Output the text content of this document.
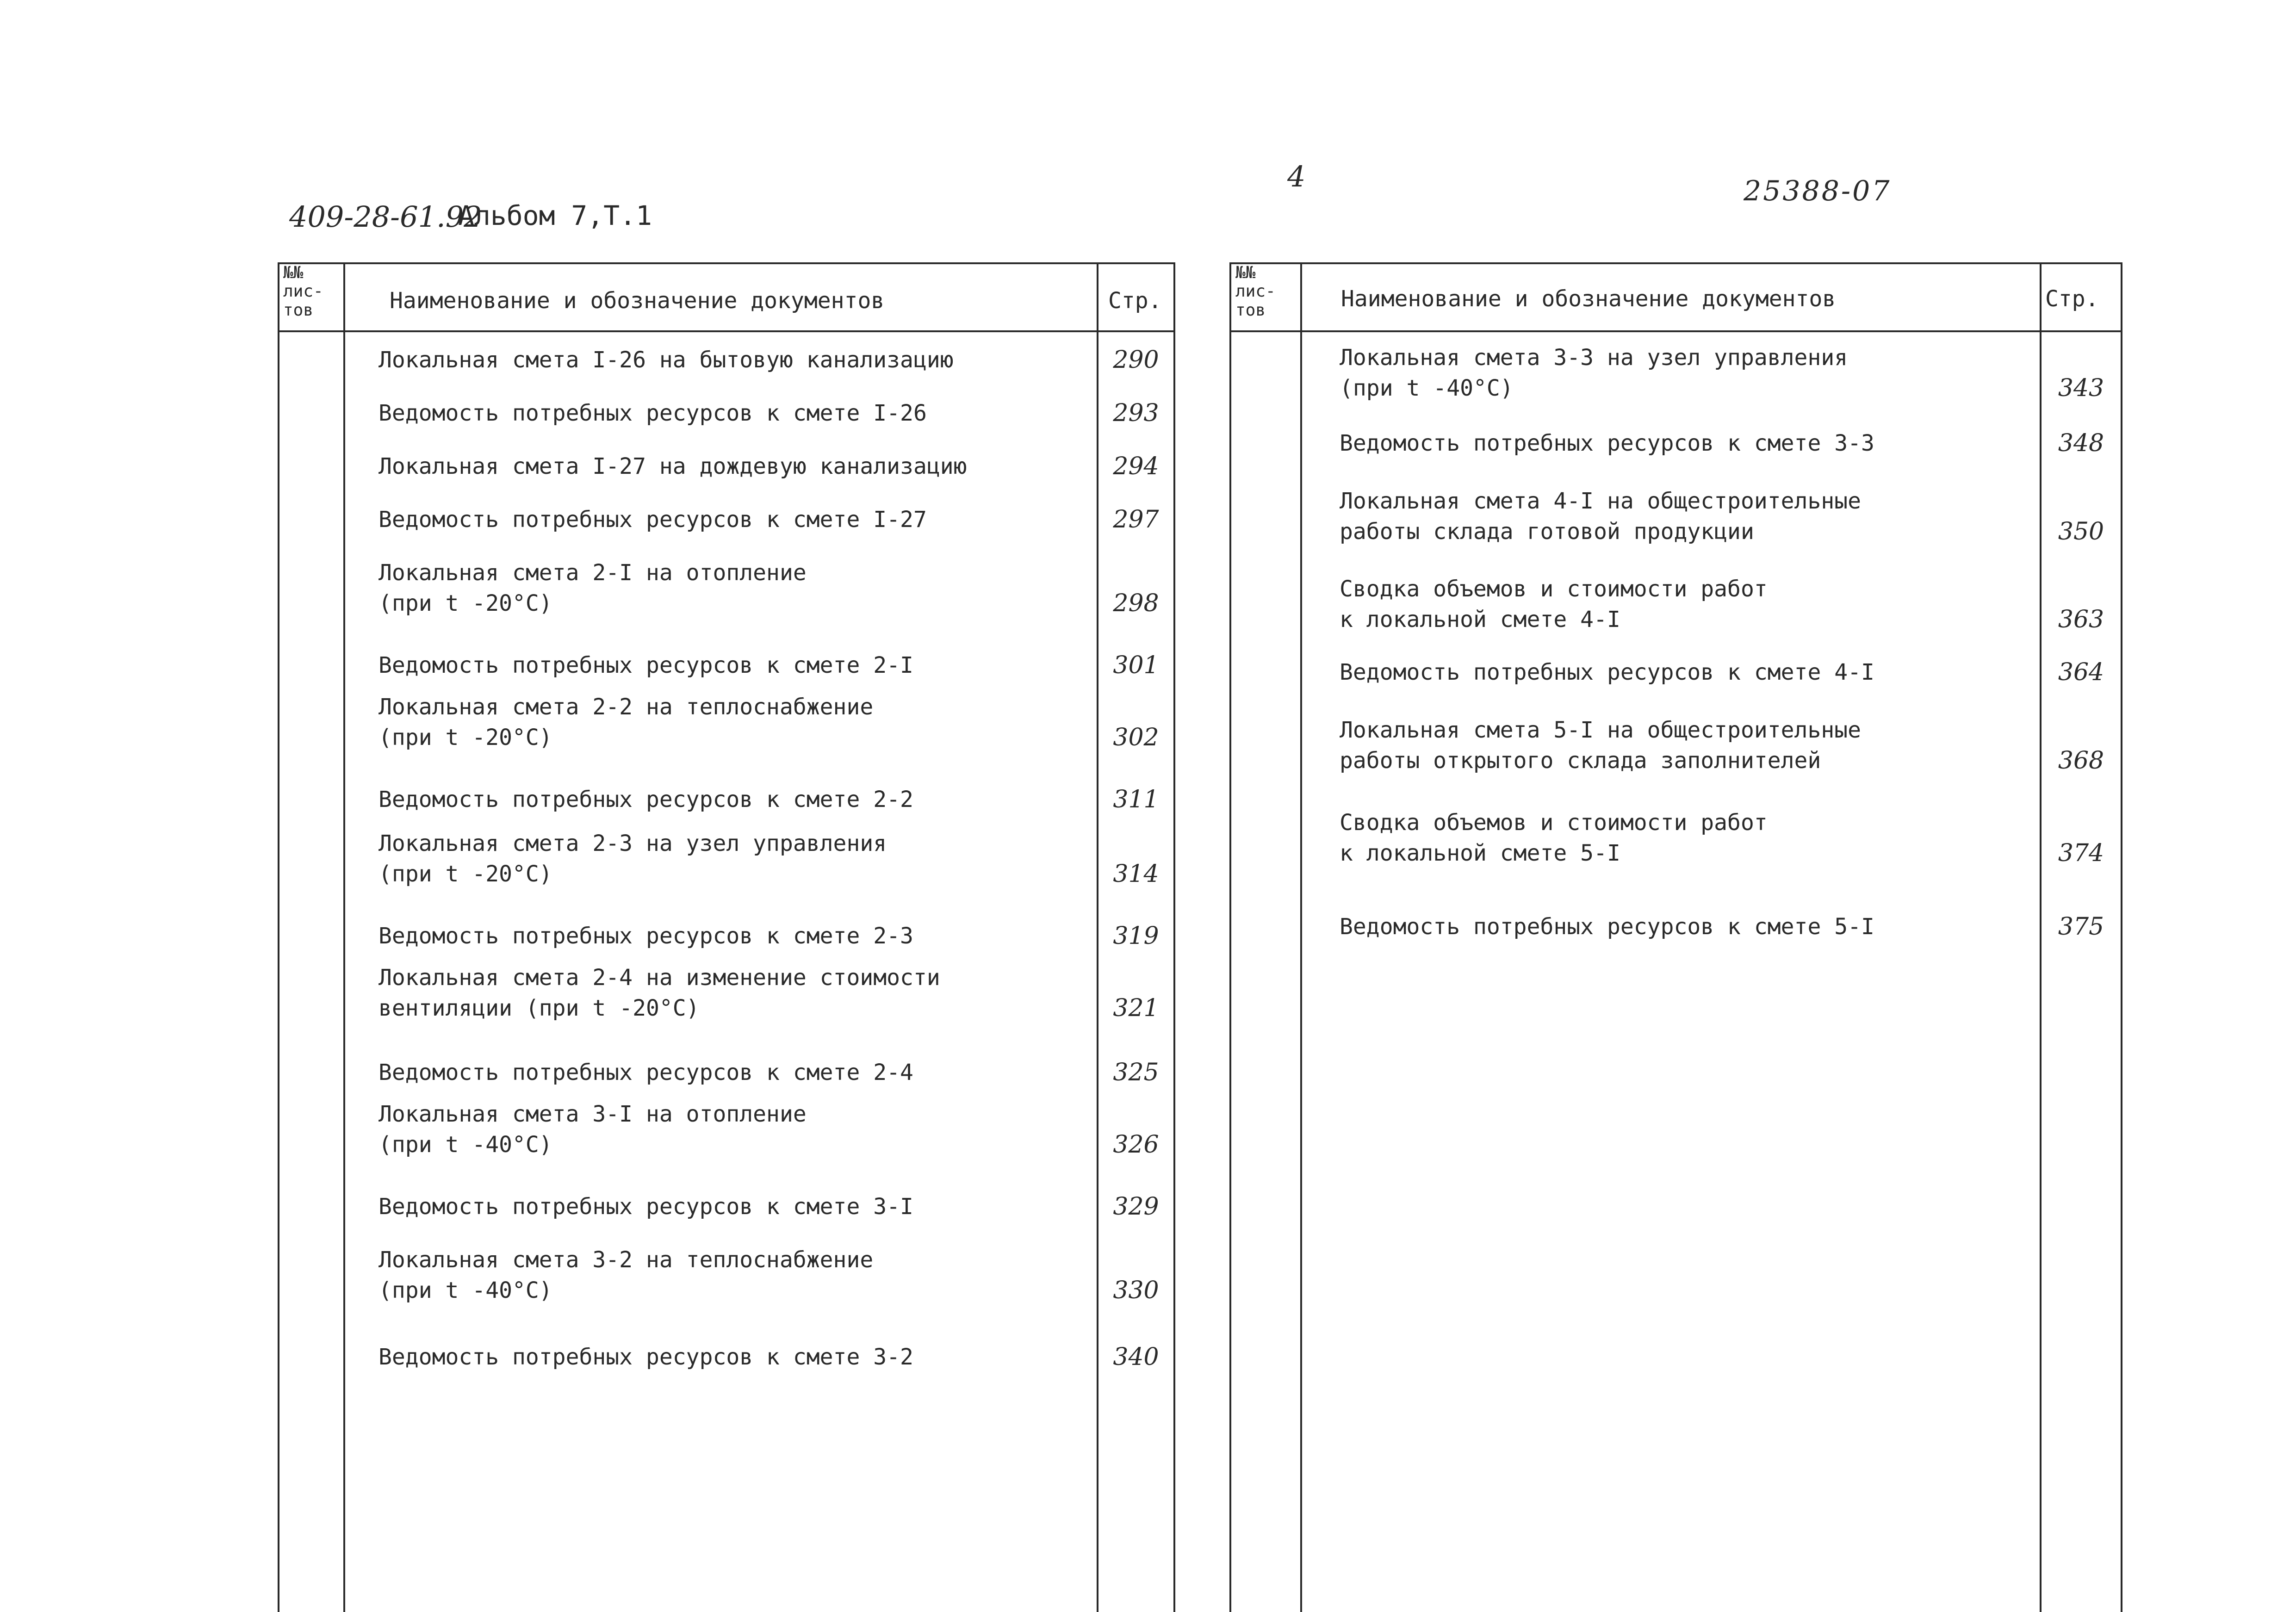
409-28-61.92
Альбом 7,Т.1
4	25388-07
№№
лис-
тов	Наименование и обозначение документов	Стр.
Локальная смета I-26 на бытовую канализацию	290
Ведомость потребных ресурсов к смете I-26	293
Локальная смета I-27 на дождевую канализацию	294
Ведомость потребных ресурсов к смете I-27	297
Локальная смета 2-I на отопление
(при t -20°С)	298
Ведомость потребных ресурсов к смете 2-I	301
Локальная смета 2-2 на теплоснабжение
(при t -20°С)	302
Ведомость потребных ресурсов к смете 2-2	311
Локальная смета 2-3 на узел управления
(при t -20°С)	314
Ведомость потребных ресурсов к смете 2-3	319
Локальная смета 2-4 на изменение стоимости
вентиляции (при t -20°С)	321
Ведомость потребных ресурсов к смете 2-4	325
Локальная смета 3-I на отопление
(при t -40°С)	326
Ведомость потребных ресурсов к смете 3-I	329
Локальная смета 3-2 на теплоснабжение
(при t -40°С)	330
Ведомость потребных ресурсов к смете 3-2	340
№№
лис-
тов	Наименование и обозначение документов	Стр.
Локальная смета 3-3 на узел управления
(при t -40°С)	343
Ведомость потребных ресурсов к смете 3-3	348
Локальная смета 4-I на общестроительные
работы склада готовой продукции	350
Сводка объемов и стоимости работ
к локальной смете 4-I	363
Ведомость потребных ресурсов к смете 4-I	364
Локальная смета 5-I на общестроительные
работы открытого склада заполнителей	368
Сводка объемов и стоимости работ
к локальной смете 5-I	374
Ведомость потребных ресурсов к смете 5-I	375
